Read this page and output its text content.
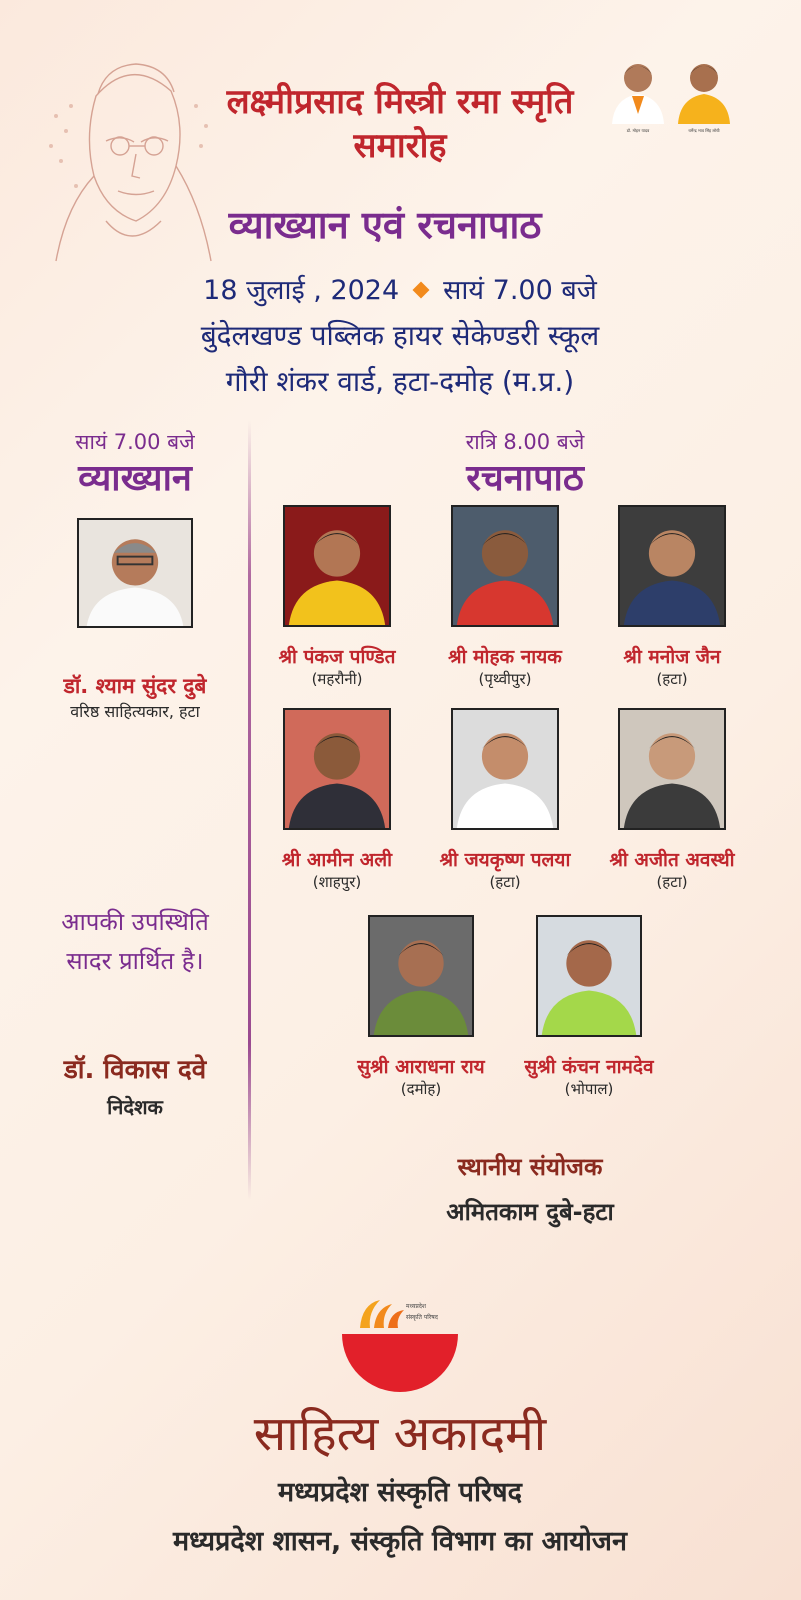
लक्ष्मीप्रसाद मिस्त्री रमा स्मृति समारोह
व्याख्यान एवं रचनापाठ
18 जुलाई , 2024 सायं 7.00 बजे
बुंदेलखण्ड पब्लिक हायर सेकेण्डरी स्कूल
गौरी शंकर वार्ड, हटा-दमोह (म.प्र.)
डॉ. मोहन यादव	धर्मेन्द्र भाव सिंह लोधी
सायं 7.00 बजे
व्याख्यान
डॉ. श्याम सुंदर दुबे
वरिष्ठ साहित्यकार, हटा
आपकी उपस्थिति
सादर प्रार्थित है।
डॉ. विकास दवे
निदेशक
रात्रि 8.00 बजे
रचनापाठ
श्री पंकज पण्डित
(महरौनी)
श्री मोहक नायक
(पृथ्वीपुर)
श्री मनोज जैन
(हटा)
श्री आमीन अली
(शाहपुर)
श्री जयकृष्ण पलया
(हटा)
श्री अजीत अवस्थी
(हटा)
सुश्री आराधना राय
(दमोह)
सुश्री कंचन नामदेव
(भोपाल)
स्थानीय संयोजक
अमितकाम दुबे-हटा
मध्यप्रदेश
संस्कृति परिषद
साहित्य अकादमी
मध्यप्रदेश संस्कृति परिषद
मध्यप्रदेश शासन, संस्कृति विभाग का आयोजन
